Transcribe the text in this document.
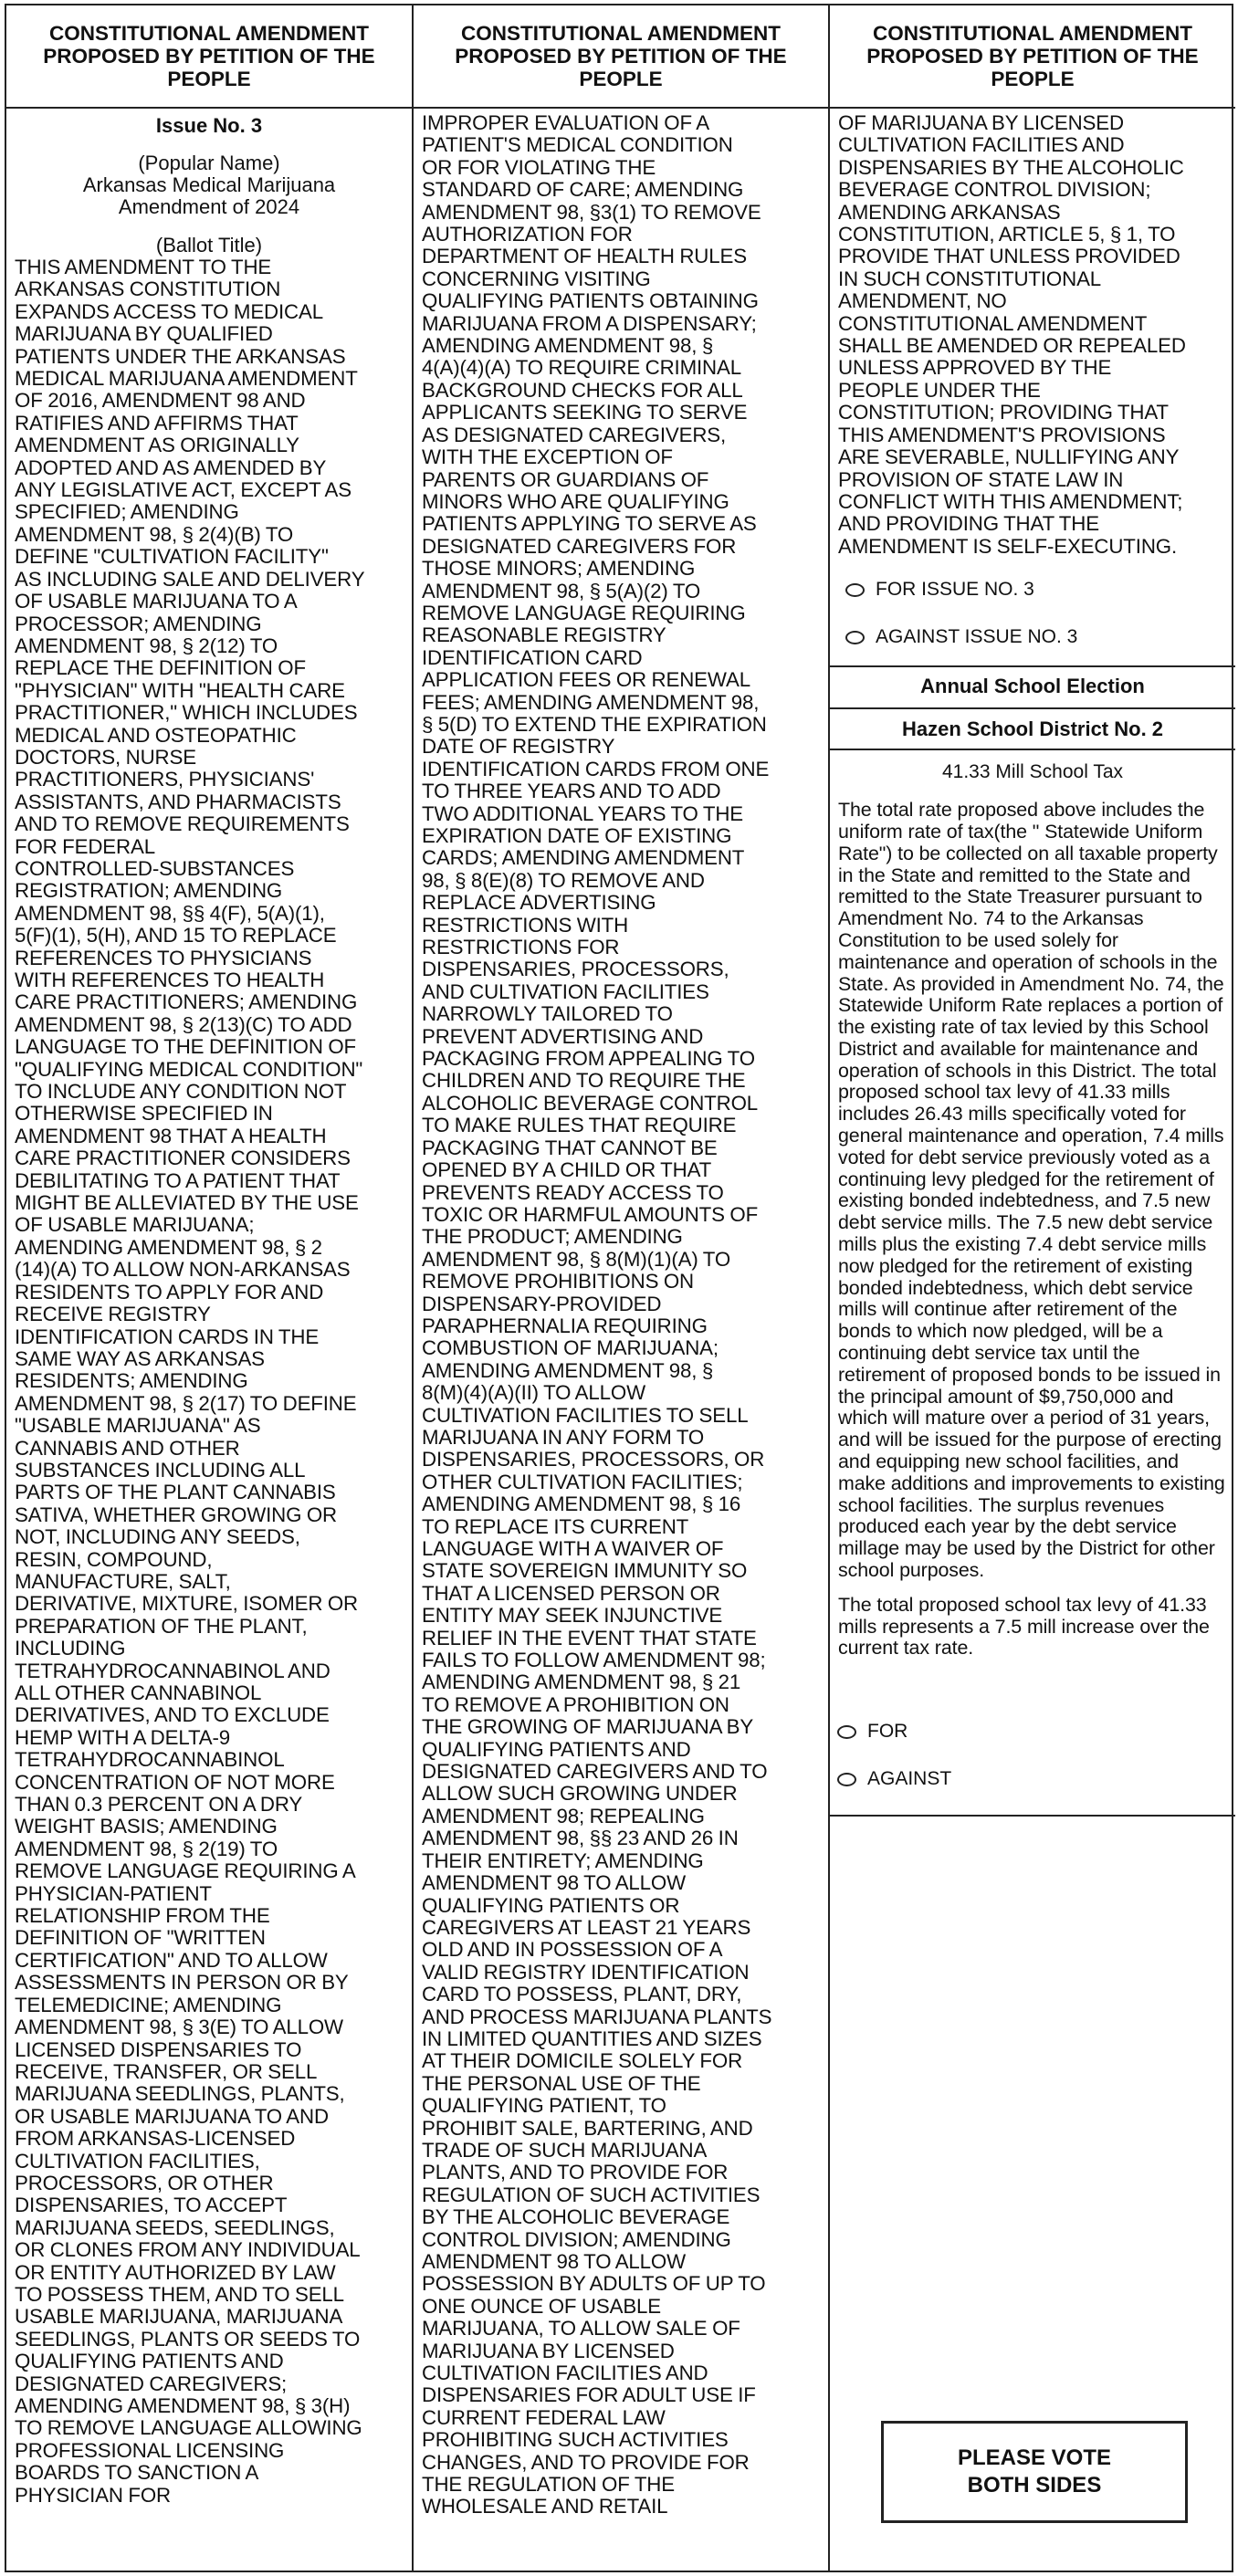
CONSTITUTIONAL AMENDMENT
PROPOSED BY PETITION OF THE
PEOPLE
Issue No. 3
(Popular Name)
Arkansas Medical Marijuana
Amendment of 2024
(Ballot Title)

THIS AMENDMENT TO THE

ARKANSAS CONSTITUTION

EXPANDS ACCESS TO MEDICAL

MARIJUANA BY QUALIFIED

PATIENTS UNDER THE ARKANSAS

MEDICAL MARIJUANA AMENDMENT

OF 2016, AMENDMENT 98 AND

RATIFIES AND AFFIRMS THAT

AMENDMENT AS ORIGINALLY

ADOPTED AND AS AMENDED BY

ANY LEGISLATIVE ACT, EXCEPT AS

SPECIFIED; AMENDING

AMENDMENT 98, § 2(4)(B) TO

DEFINE "CULTIVATION FACILITY"

AS INCLUDING SALE AND DELIVERY

OF USABLE MARIJUANA TO A

PROCESSOR; AMENDING

AMENDMENT 98, § 2(12) TO

REPLACE THE DEFINITION OF

"PHYSICIAN" WITH "HEALTH CARE

PRACTITIONER," WHICH INCLUDES

MEDICAL AND OSTEOPATHIC

DOCTORS, NURSE

PRACTITIONERS, PHYSICIANS'

ASSISTANTS, AND PHARMACISTS

AND TO REMOVE REQUIREMENTS

FOR FEDERAL

CONTROLLED-SUBSTANCES

REGISTRATION; AMENDING

AMENDMENT 98, §§ 4(F), 5(A)(1),

5(F)(1), 5(H), AND 15 TO REPLACE

REFERENCES TO PHYSICIANS

WITH REFERENCES TO HEALTH

CARE PRACTITIONERS; AMENDING

AMENDMENT 98, § 2(13)(C) TO ADD

LANGUAGE TO THE DEFINITION OF

"QUALIFYING MEDICAL CONDITION"

TO INCLUDE ANY CONDITION NOT

OTHERWISE SPECIFIED IN

AMENDMENT 98 THAT A HEALTH

CARE PRACTITIONER CONSIDERS

DEBILITATING TO A PATIENT THAT

MIGHT BE ALLEVIATED BY THE USE

OF USABLE MARIJUANA;

AMENDING AMENDMENT 98, § 2

(14)(A) TO ALLOW NON-ARKANSAS

RESIDENTS TO APPLY FOR AND

RECEIVE REGISTRY

IDENTIFICATION CARDS IN THE

SAME WAY AS ARKANSAS

RESIDENTS; AMENDING

AMENDMENT 98, § 2(17) TO DEFINE

"USABLE MARIJUANA" AS

CANNABIS AND OTHER

SUBSTANCES INCLUDING ALL

PARTS OF THE PLANT CANNABIS

SATIVA, WHETHER GROWING OR

NOT, INCLUDING ANY SEEDS,

RESIN, COMPOUND,

MANUFACTURE, SALT,

DERIVATIVE, MIXTURE, ISOMER OR

PREPARATION OF THE PLANT,

INCLUDING

TETRAHYDROCANNABINOL AND

ALL OTHER CANNABINOL

DERIVATIVES, AND TO EXCLUDE

HEMP WITH A DELTA-9

TETRAHYDROCANNABINOL

CONCENTRATION OF NOT MORE

THAN 0.3 PERCENT ON A DRY

WEIGHT BASIS; AMENDING

AMENDMENT 98, § 2(19) TO

REMOVE LANGUAGE REQUIRING A

PHYSICIAN-PATIENT

RELATIONSHIP FROM THE

DEFINITION OF "WRITTEN

CERTIFICATION" AND TO ALLOW

ASSESSMENTS IN PERSON OR BY

TELEMEDICINE; AMENDING

AMENDMENT 98, § 3(E) TO ALLOW

LICENSED DISPENSARIES TO

RECEIVE, TRANSFER, OR SELL

MARIJUANA SEEDLINGS, PLANTS,

OR USABLE MARIJUANA TO AND

FROM ARKANSAS-LICENSED

CULTIVATION FACILITIES,

PROCESSORS, OR OTHER

DISPENSARIES, TO ACCEPT

MARIJUANA SEEDS, SEEDLINGS,

OR CLONES FROM ANY INDIVIDUAL

OR ENTITY AUTHORIZED BY LAW

TO POSSESS THEM, AND TO SELL

USABLE MARIJUANA, MARIJUANA

SEEDLINGS, PLANTS OR SEEDS TO

QUALIFYING PATIENTS AND

DESIGNATED CAREGIVERS;

AMENDING AMENDMENT 98, § 3(H)

TO REMOVE LANGUAGE ALLOWING

PROFESSIONAL LICENSING

BOARDS TO SANCTION A

PHYSICIAN FOR

CONSTITUTIONAL AMENDMENT
PROPOSED BY PETITION OF THE
PEOPLE

IMPROPER EVALUATION OF A

PATIENT'S MEDICAL CONDITION

OR FOR VIOLATING THE

STANDARD OF CARE; AMENDING

AMENDMENT 98, §3(1) TO REMOVE

AUTHORIZATION FOR

DEPARTMENT OF HEALTH RULES

CONCERNING VISITING

QUALIFYING PATIENTS OBTAINING

MARIJUANA FROM A DISPENSARY;

AMENDING AMENDMENT 98, §

4(A)(4)(A) TO REQUIRE CRIMINAL

BACKGROUND CHECKS FOR ALL

APPLICANTS SEEKING TO SERVE

AS DESIGNATED CAREGIVERS,

WITH THE EXCEPTION OF

PARENTS OR GUARDIANS OF

MINORS WHO ARE QUALIFYING

PATIENTS APPLYING TO SERVE AS

DESIGNATED CAREGIVERS FOR

THOSE MINORS; AMENDING

AMENDMENT 98, § 5(A)(2) TO

REMOVE LANGUAGE REQUIRING

REASONABLE REGISTRY

IDENTIFICATION CARD

APPLICATION FEES OR RENEWAL

FEES; AMENDING AMENDMENT 98,

§ 5(D) TO EXTEND THE EXPIRATION

DATE OF REGISTRY

IDENTIFICATION CARDS FROM ONE

TO THREE YEARS AND TO ADD

TWO ADDITIONAL YEARS TO THE

EXPIRATION DATE OF EXISTING

CARDS; AMENDING AMENDMENT

98, § 8(E)(8) TO REMOVE AND

REPLACE ADVERTISING

RESTRICTIONS WITH

RESTRICTIONS FOR

DISPENSARIES, PROCESSORS,

AND CULTIVATION FACILITIES

NARROWLY TAILORED TO

PREVENT ADVERTISING AND

PACKAGING FROM APPEALING TO

CHILDREN AND TO REQUIRE THE

ALCOHOLIC BEVERAGE CONTROL

TO MAKE RULES THAT REQUIRE

PACKAGING THAT CANNOT BE

OPENED BY A CHILD OR THAT

PREVENTS READY ACCESS TO

TOXIC OR HARMFUL AMOUNTS OF

THE PRODUCT; AMENDING

AMENDMENT 98, § 8(M)(1)(A) TO

REMOVE PROHIBITIONS ON

DISPENSARY-PROVIDED

PARAPHERNALIA REQUIRING

COMBUSTION OF MARIJUANA;

AMENDING AMENDMENT 98, §

8(M)(4)(A)(II) TO ALLOW

CULTIVATION FACILITIES TO SELL

MARIJUANA IN ANY FORM TO

DISPENSARIES, PROCESSORS, OR

OTHER CULTIVATION FACILITIES;

AMENDING AMENDMENT 98, § 16

TO REPLACE ITS CURRENT

LANGUAGE WITH A WAIVER OF

STATE SOVEREIGN IMMUNITY SO

THAT A LICENSED PERSON OR

ENTITY MAY SEEK INJUNCTIVE

RELIEF IN THE EVENT THAT STATE

FAILS TO FOLLOW AMENDMENT 98;

AMENDING AMENDMENT 98, § 21

TO REMOVE A PROHIBITION ON

THE GROWING OF MARIJUANA BY

QUALIFYING PATIENTS AND

DESIGNATED CAREGIVERS AND TO

ALLOW SUCH GROWING UNDER

AMENDMENT 98; REPEALING

AMENDMENT 98, §§ 23 AND 26 IN

THEIR ENTIRETY; AMENDING

AMENDMENT 98 TO ALLOW

QUALIFYING PATIENTS OR

CAREGIVERS AT LEAST 21 YEARS

OLD AND IN POSSESSION OF A

VALID REGISTRY IDENTIFICATION

CARD TO POSSESS, PLANT, DRY,

AND PROCESS MARIJUANA PLANTS

IN LIMITED QUANTITIES AND SIZES

AT THEIR DOMICILE SOLELY FOR

THE PERSONAL USE OF THE

QUALIFYING PATIENT, TO

PROHIBIT SALE, BARTERING, AND

TRADE OF SUCH MARIJUANA

PLANTS, AND TO PROVIDE FOR

REGULATION OF SUCH ACTIVITIES

BY THE ALCOHOLIC BEVERAGE

CONTROL DIVISION; AMENDING

AMENDMENT 98 TO ALLOW

POSSESSION BY ADULTS OF UP TO

ONE OUNCE OF USABLE

MARIJUANA, TO ALLOW SALE OF

MARIJUANA BY LICENSED

CULTIVATION FACILITIES AND

DISPENSARIES FOR ADULT USE IF

CURRENT FEDERAL LAW

PROHIBITING SUCH ACTIVITIES

CHANGES, AND TO PROVIDE FOR

THE REGULATION OF THE

WHOLESALE AND RETAIL

CONSTITUTIONAL AMENDMENT
PROPOSED BY PETITION OF THE
PEOPLE

OF MARIJUANA BY LICENSED

CULTIVATION FACILITIES AND

DISPENSARIES BY THE ALCOHOLIC

BEVERAGE CONTROL DIVISION;

AMENDING ARKANSAS

CONSTITUTION, ARTICLE 5, § 1, TO

PROVIDE THAT UNLESS PROVIDED

IN SUCH CONSTITUTIONAL

AMENDMENT, NO

CONSTITUTIONAL AMENDMENT

SHALL BE AMENDED OR REPEALED

UNLESS APPROVED BY THE

PEOPLE UNDER THE

CONSTITUTION; PROVIDING THAT

THIS AMENDMENT'S PROVISIONS

ARE SEVERABLE, NULLIFYING ANY

PROVISION OF STATE LAW IN

CONFLICT WITH THIS AMENDMENT;

AND PROVIDING THAT THE

AMENDMENT IS SELF-EXECUTING.

FOR ISSUE NO. 3
AGAINST ISSUE NO. 3
Annual School Election
Hazen School District No. 2
41.33 Mill School Tax

The total rate proposed above includes the uniform rate of tax(the " Statewide Uniform Rate") to be collected on all taxable property in the State and remitted to the State and remitted to the State Treasurer pursuant to Amendment No. 74 to the Arkansas Constitution to be used solely for maintenance and operation of schools in the State. As provided in Amendment No. 74, the Statewide Uniform Rate replaces a portion of the existing rate of tax levied by this School District and available for maintenance and operation of schools in this District. The total proposed school tax levy of 41.33 mills includes 26.43 mills specifically voted for general maintenance and operation, 7.4 mills voted for debt service previously voted as a continuing levy pledged for the retirement of existing bonded indebtedness, and 7.5 new debt service mills. The 7.5 new debt service mills plus the existing 7.4 debt service mills now pledged for the retirement of existing bonded indebtedness, which debt service mills will continue after retirement of the bonds to which now pledged, will be a continuing debt service tax until the retirement of proposed bonds to be issued in the principal amount of $9,750,000 and which will mature over a period of 31 years, and will be issued for the purpose of erecting and equipping new school facilities, and make additions and improvements to existing school facilities. The surplus revenues produced each year by the debt service millage may be used by the District for other school purposes.

The total proposed school tax levy of 41.33 mills represents a 7.5 mill increase over the current tax rate.

FOR
AGAINST
PLEASE VOTE
BOTH SIDES
